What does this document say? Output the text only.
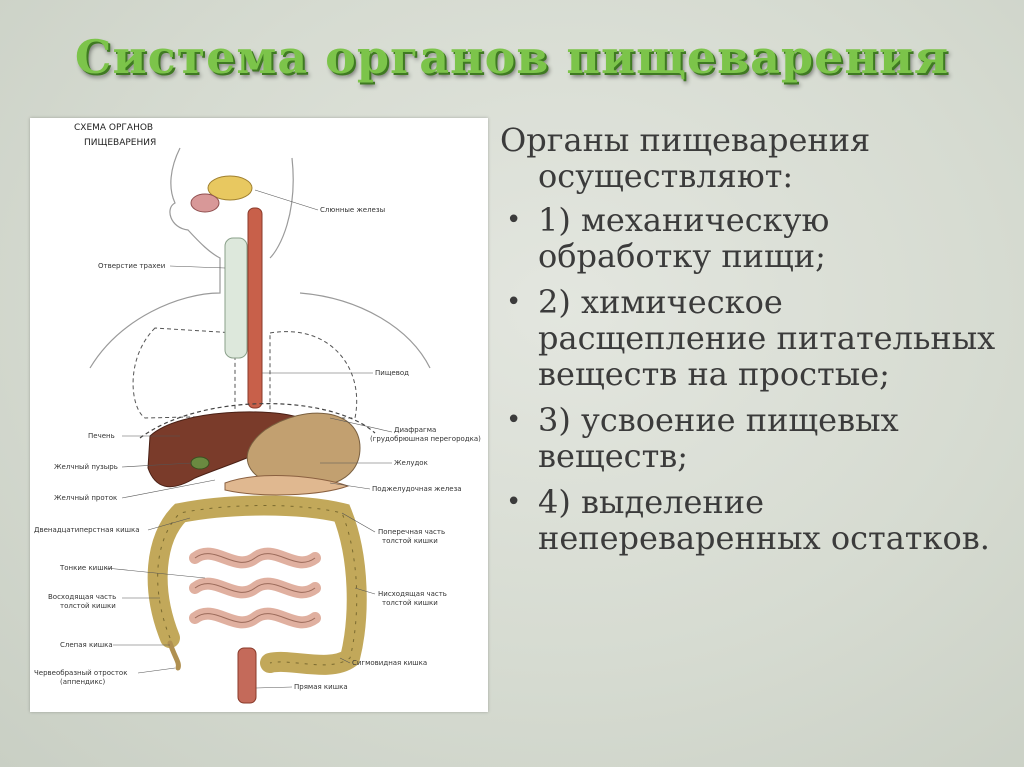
Система органов пищеварения
СХЕМА ОРГАНОВ
ПИЩЕВАРЕНИЯ
Слюнные железы
Пищевод
Диафрагма
(грудобрюшная перегородка)
Желудок
Поджелудочная железа
Поперечная часть
толстой кишки
Нисходящая часть
толстой кишки
Сигмовидная кишка
Прямая кишка
Отверстие трахеи
Печень
Желчный пузырь
Желчный проток
Двенадцатиперстная кишка
Тонкие кишки
Восходящая часть
толстой кишки
Слепая кишка
Червеобразный отросток
(аппендикс)

Органы пищеварения

осуществляют:

• 1) механическую обработку пищи;
• 2) химическое расщепление питательных веществ на простые;
• 3) усвоение пищевых веществ;
• 4) выделение непереваренных остатков.
